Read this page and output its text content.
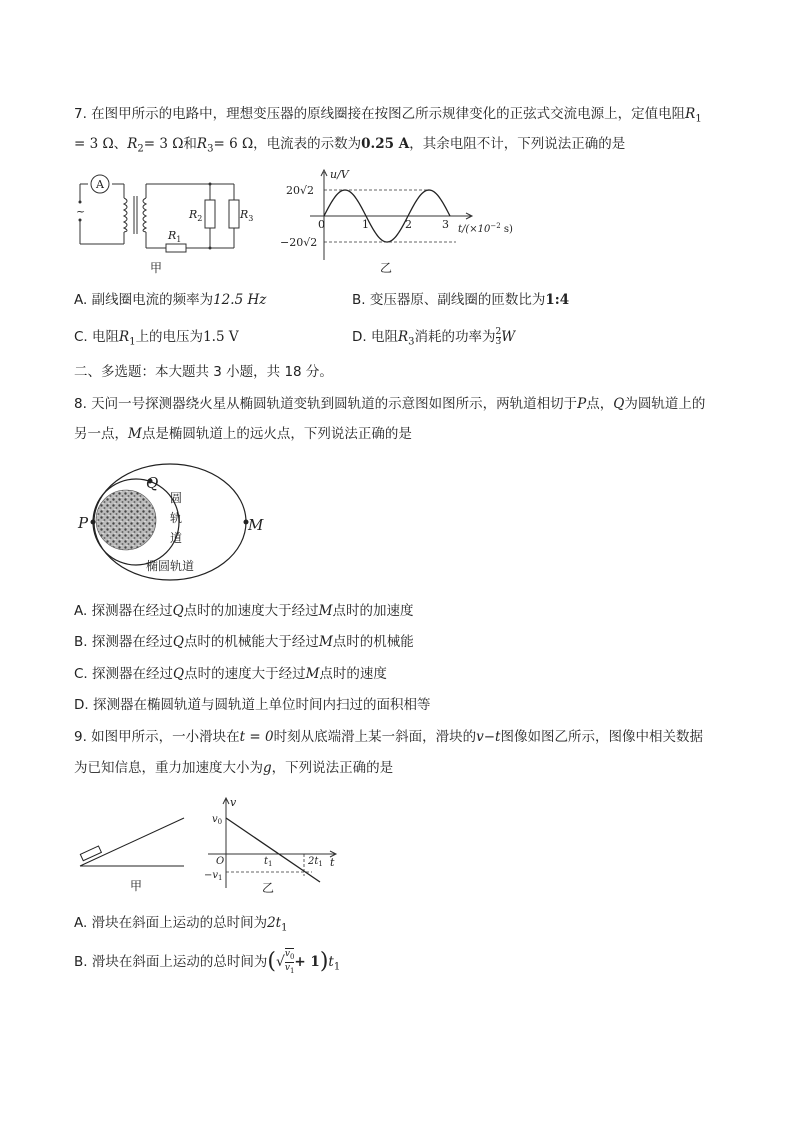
7. 在图甲所示的电路中，理想变压器的原线圈接在按图乙所示规律变化的正弦式交流电源上，定值电阻$R_1$
= 3 Ω、$R_2= 3$ Ω和$R_3= 6$ Ω，电流表的示数为0.25 A，其余电阻不计，下列说法正确的是
A
~	$R_2$	$R_3$
$R_1$
甲
u/V
20√2
−20√2
0	1	2	3 $t/(\times 10^{-2}$ s)
乙
A. 副线圈电流的频率为12.5 Hz	B. 变压器原、副线圈的匝数比为1:4
C. 电阻$R_1$上的电压为1.5 V	D. 电阻$R_3$消耗的功率为 $\frac{2}{3}$ W
二、多选题：本大题共 3 小题，共 18 分。
8. 天问一号探测器绕火星从椭圆轨道变轨到圆轨道的示意图如图所示，两轨道相切于P点，Q为圆轨道上的
另一点，M点是椭圆轨道上的远火点，下列说法正确的是
P
Q
M
圆
轨
道
椭圆轨道
A. 探测器在经过Q点时的加速度大于经过M点时的加速度
B. 探测器在经过Q点时的机械能大于经过M点时的机械能
C. 探测器在经过Q点时的速度大于经过M点时的速度
D. 探测器在椭圆轨道与圆轨道上单位时间内扫过的面积相等
9. 如图甲所示，一小滑块在t = 0时刻从底端滑上某一斜面，滑块的v−t图像如图乙所示，图像中相关数据
为已知信息，重力加速度大小为g，下列说法正确的是
甲
v
t
$v_0$
$-v_1$
O	$t_1$	$2t_1$
乙
A. 滑块在斜面上运动的总时间为$2t_1$
B. 滑块在斜面上运动的总时间为(√ $\frac{v_0}{v_1} + 1)t_1$
